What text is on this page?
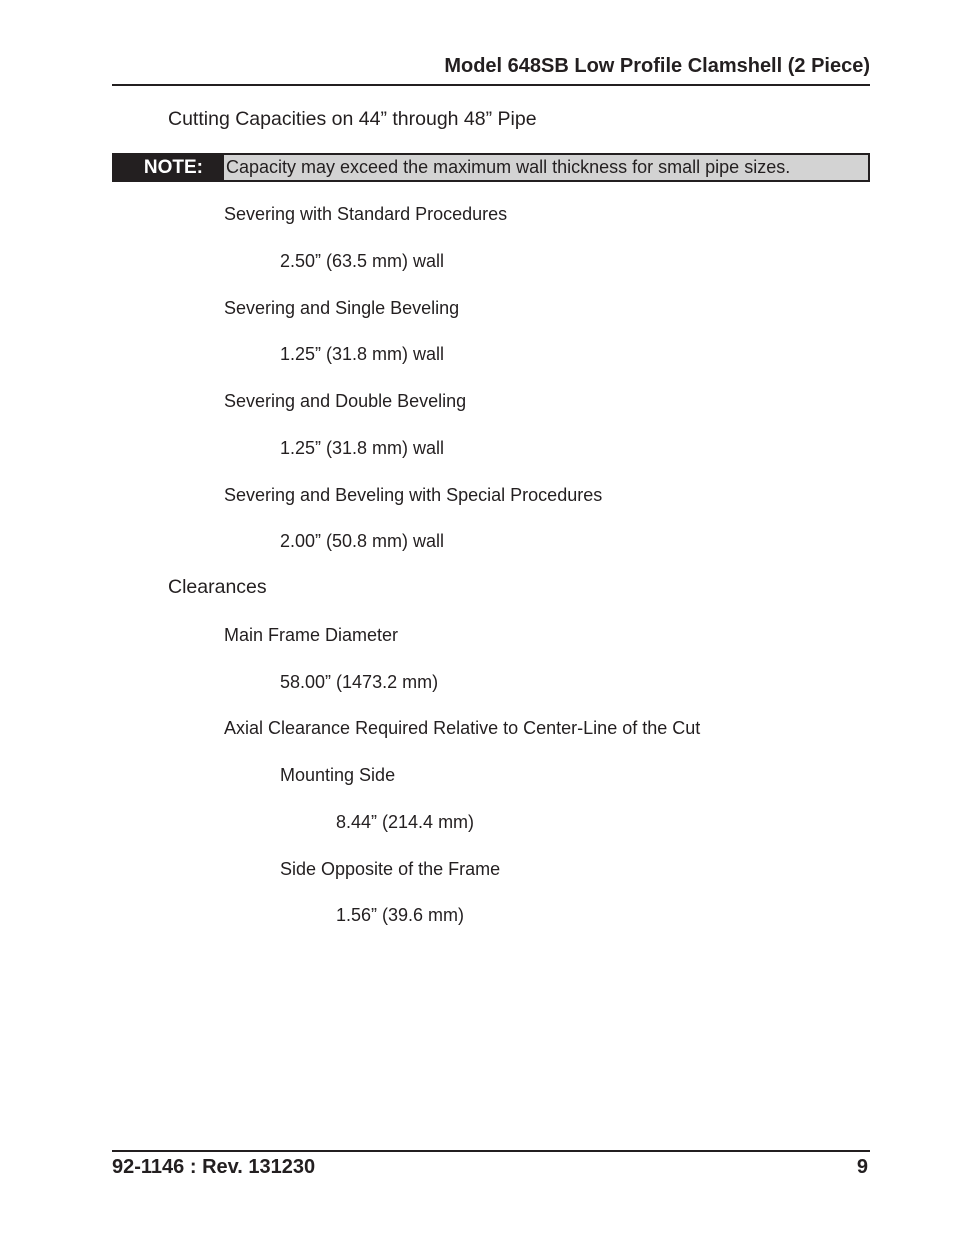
Model 648SB Low Profile Clamshell (2 Piece)
Cutting Capacities on 44” through 48” Pipe
NOTE:	Capacity may exceed the maximum wall thickness for small pipe sizes.
Severing with Standard Procedures
2.50” (63.5 mm) wall
Severing and Single Beveling
1.25” (31.8 mm) wall
Severing and Double Beveling
1.25” (31.8 mm) wall
Severing and Beveling with Special Procedures
2.00” (50.8 mm) wall
Clearances
Main Frame Diameter
58.00” (1473.2 mm)
Axial Clearance Required Relative to Center-Line of the Cut
Mounting Side
8.44” (214.4 mm)
Side Opposite of the Frame
1.56” (39.6 mm)
92-1146 : Rev. 131230	9
